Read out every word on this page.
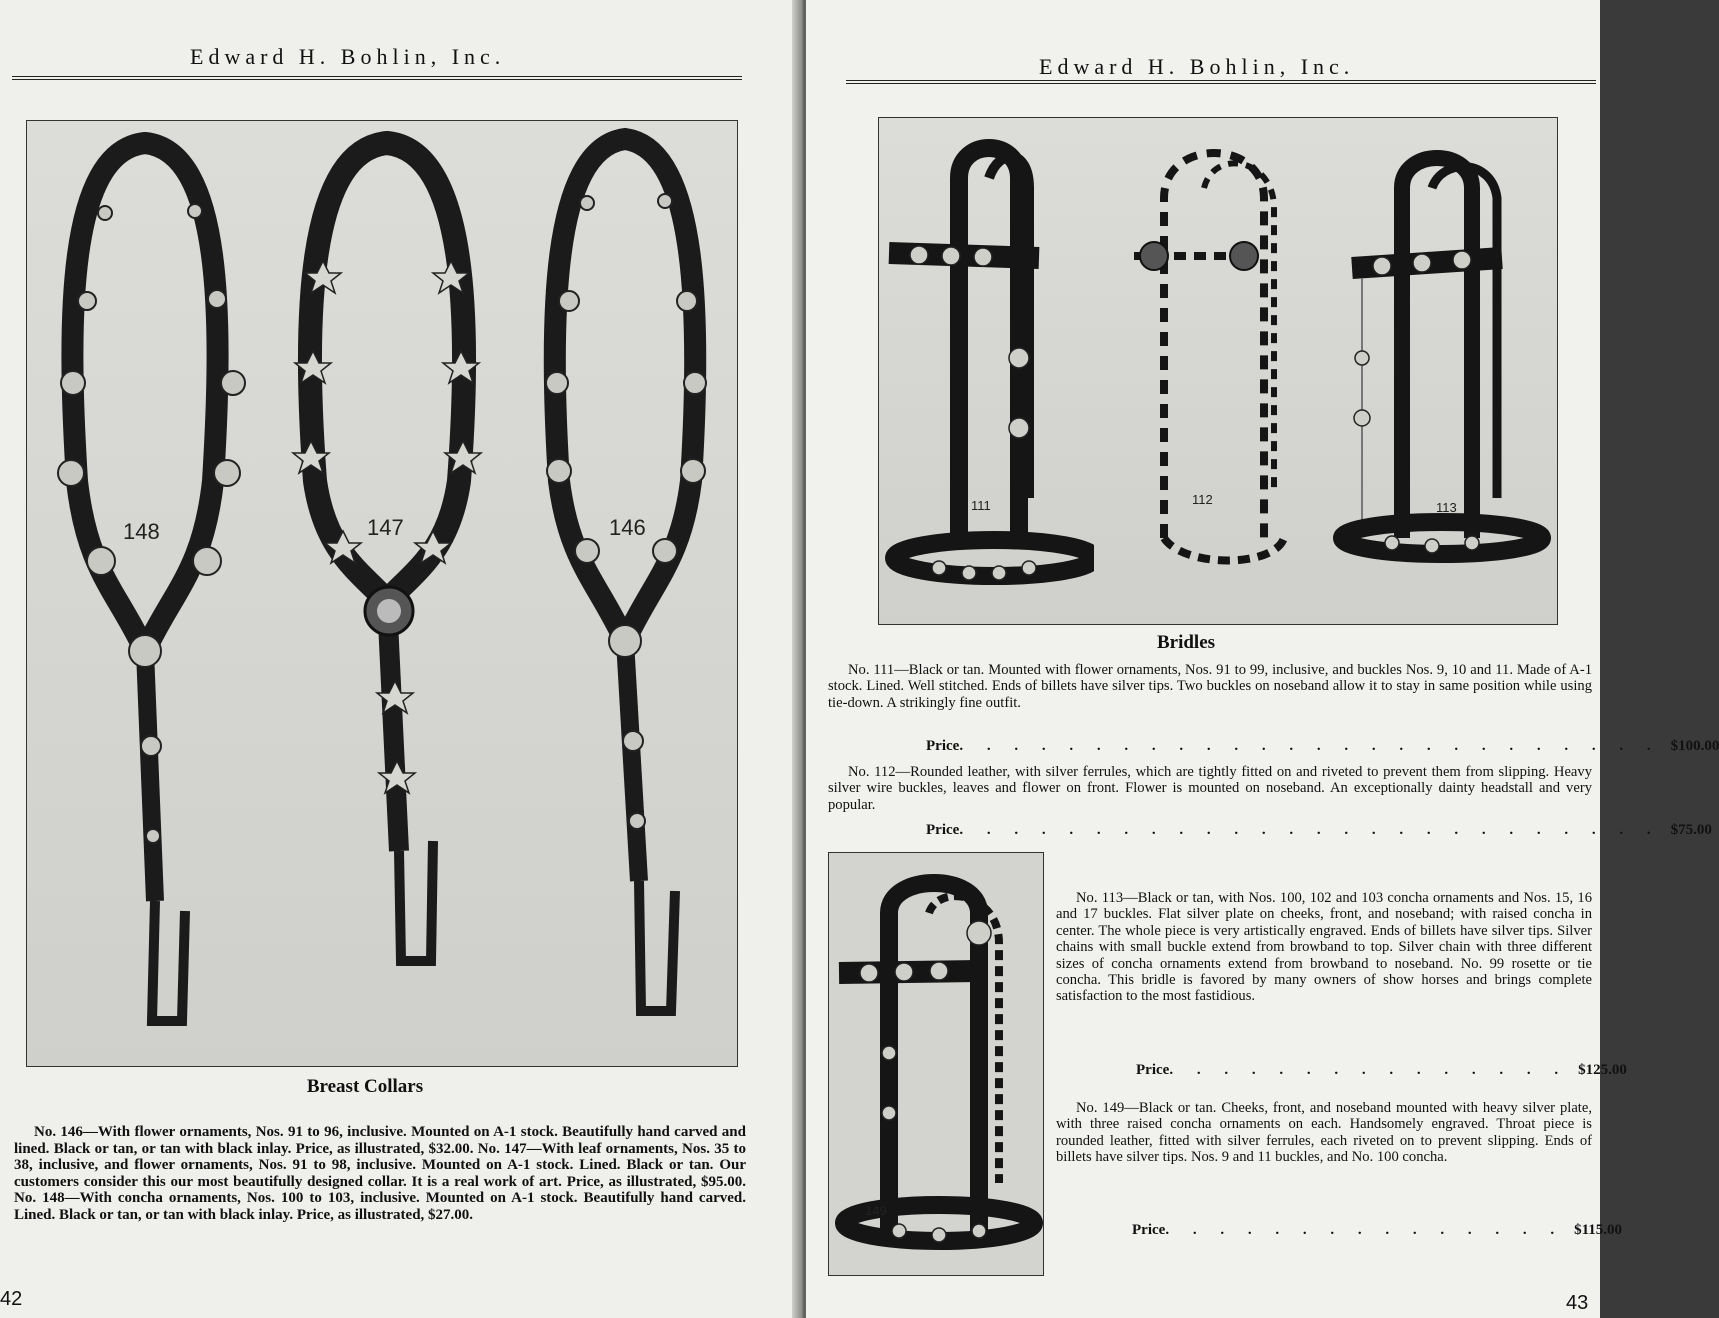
Edward H. Bohlin, Inc.
148	147	146
Breast Collars
No. 146—With flower ornaments, Nos. 91 to 96, inclusive. Mounted on A-1 stock. Beautifully hand carved and lined. Black or tan, or tan with black inlay. Price, as illustrated, $32.00. No. 147—With leaf ornaments, Nos. 35 to 38, inclusive, and flower ornaments, Nos. 91 to 98, inclusive. Mounted on A-1 stock. Lined. Black or tan. Our customers consider this our most beautifully designed collar. It is a real work of art. Price, as illustrated, $95.00. No. 148—With concha ornaments, Nos. 100 to 103, inclusive. Mounted on A-1 stock. Beautifully hand carved. Lined. Black or tan, or tan with black inlay. Price, as illustrated, $27.00.
42
Edward H. Bohlin, Inc.
111	112
113
Bridles
No. 111—Black or tan. Mounted with flower ornaments, Nos. 91 to 99, inclusive, and buckles Nos. 9, 10 and 11. Made of A-1 stock. Lined. Well stitched. Ends of billets have silver tips. Two buckles on noseband allow it to stay in same position while using tie-down. A strikingly fine outfit.
Price . . . . . . . . . . . . . . . . . . . . . . . . . . $100.00
No. 112—Rounded leather, with silver ferrules, which are tightly fitted on and riveted to prevent them from slipping. Heavy silver wire buckles, leaves and flower on front. Flower is mounted on noseband. An exceptionally dainty headstall and very popular.
Price . . . . . . . . . . . . . . . . . . . . . . . . . . $75.00
149
No. 113—Black or tan, with Nos. 100, 102 and 103 concha ornaments and Nos. 15, 16 and 17 buckles. Flat silver plate on cheeks, front, and noseband; with raised concha in center. The whole piece is very artistically engraved. Ends of billets have silver tips. Silver chains with small buckle extend from browband to top. Silver chain with three different sizes of concha ornaments extend from browband to noseband. No. 99 rosette or tie concha. This bridle is favored by many owners of show horses and brings complete satisfaction to the most fastidious.
Price . . . . . . . . . . . . . . . $125.00
No. 149—Black or tan. Cheeks, front, and noseband mounted with heavy silver plate, with three raised concha ornaments on each. Handsomely engraved. Throat piece is rounded leather, fitted with silver ferrules, each riveted on to prevent slipping. Ends of billets have silver tips. Nos. 9 and 11 buckles, and No. 100 concha.
Price . . . . . . . . . . . . . . . $115.00
43
